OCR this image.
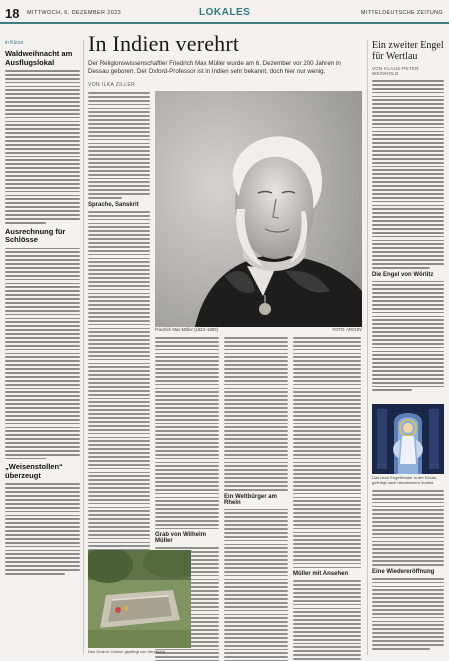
18 MITTWOCH, 6. DEZEMBER 2023	LOKALES	MITTELDEUTSCHE ZEITUNG
in Kürze
Waldweihnacht am Ausflugslokal
Ausrechnung für Schlösse
„Weisenstollen“ überzeugt
In Indien verehrt

Der Religionswissenschaftler Friedrich Max Müller wurde am 6. Dezember vor 200 Jahren in Dessau geboren. Der Oxford-Professor ist in Indien sehr bekannt, doch hier nur wenig.

VON ILKA ZILLER
Sprache, Sanskrit
Friedrich Max Müller (1823–1900)	FOTO: ARCHIV
Grab von Wilhelm Müller
Ein Weltbürger am Rhein
Müller mit Ansehen
Das Grab in Oxford, gepflegt von Verehrern.
Ein zweiter Engel für Wertlau
VON KLAUS-PETER WEINHOLD
Die Engel von Wörlitz
Das neue Engelfenster in der Kirche, gefertigt nach historischem Vorbild.
Eine Wiedereröffnung
